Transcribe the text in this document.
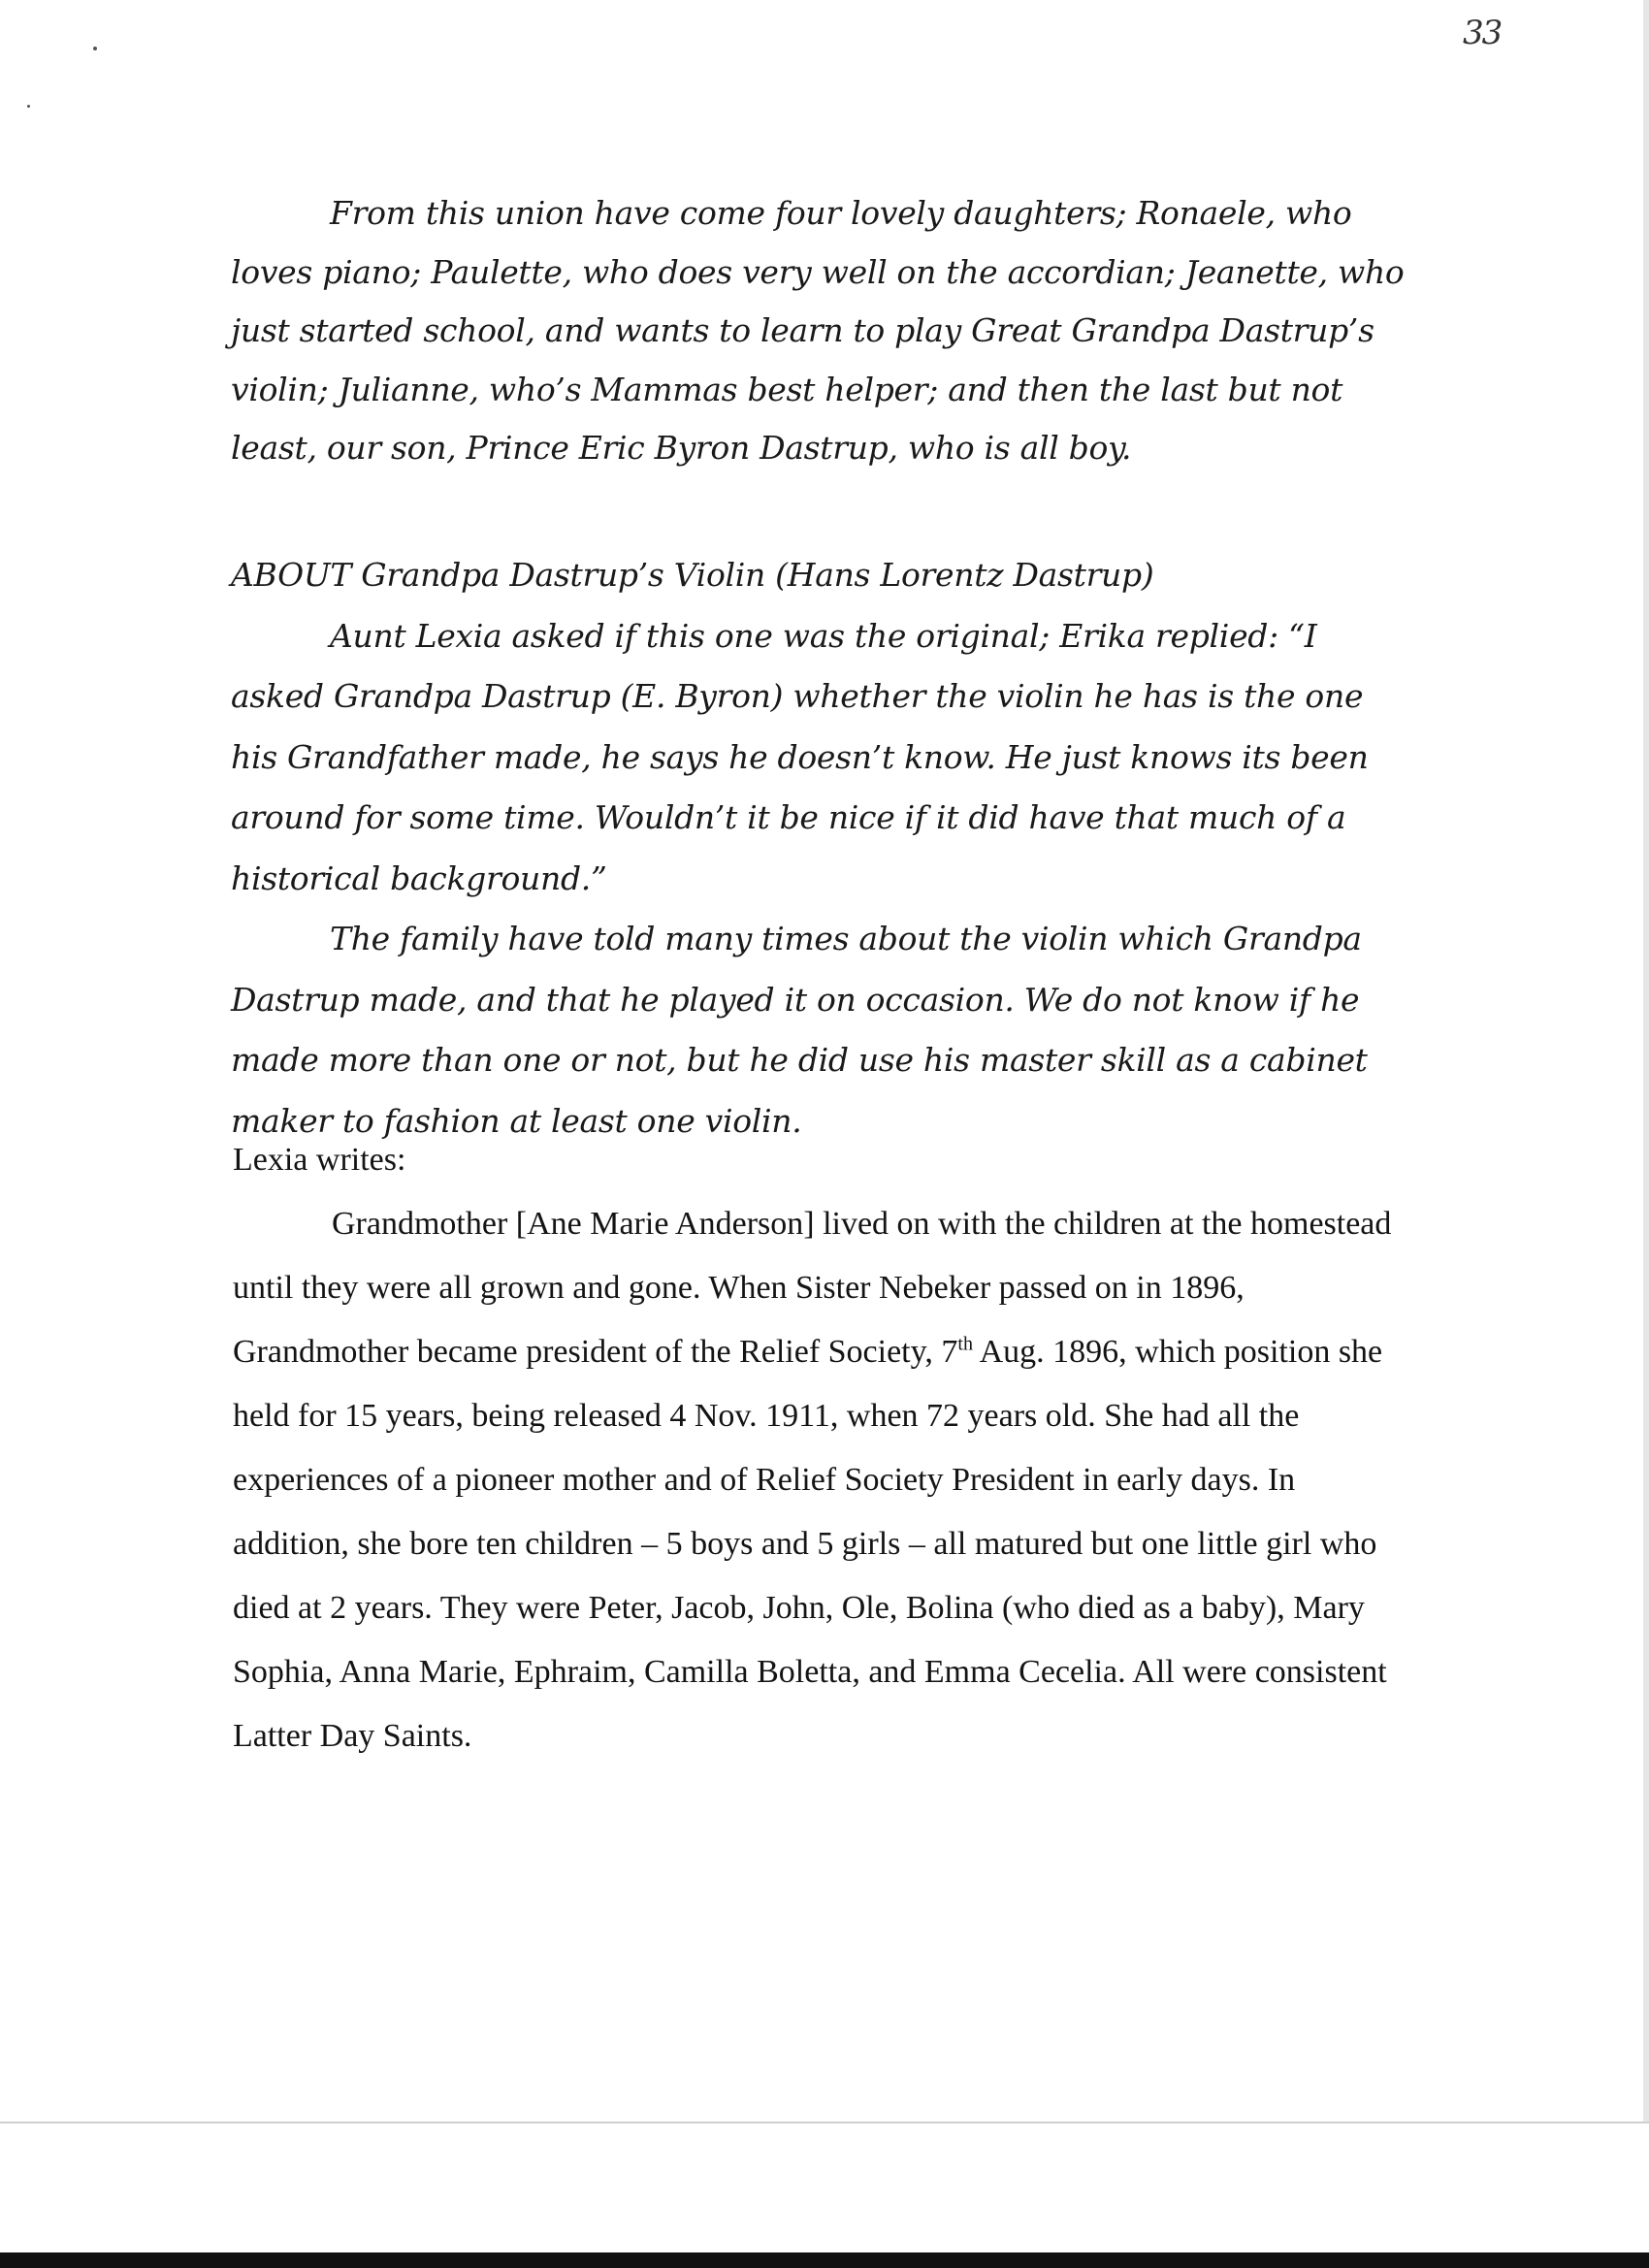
33

From this union have come four lovely daughters; Ronaele, who loves piano; Paulette, who does very well on the accordian; Jeanette, who just started school, and wants to learn to play Great Grandpa Dastrup’s violin; Julianne, who’s Mammas best helper; and then the last but not least, our son, Prince Eric Byron Dastrup, who is all boy.

ABOUT Grandpa Dastrup’s Violin (Hans Lorentz Dastrup)

Aunt Lexia asked if this one was the original; Erika replied: “I asked Grandpa Dastrup (E. Byron) whether the violin he has is the one his Grandfather made, he says he doesn’t know. He just knows its been around for some time. Wouldn’t it be nice if it did have that much of a historical background.”

The family have told many times about the violin which Grandpa Dastrup made, and that he played it on occasion. We do not know if he made more than one or not, but he did use his master skill as a cabinet maker to fashion at least one violin.

Lexia writes:

Grandmother [Ane Marie Anderson] lived on with the children at the homestead until they were all grown and gone. When Sister Nebeker passed on in 1896, Grandmother became president of the Relief Society, 7th Aug. 1896, which position she held for 15 years, being released 4 Nov. 1911, when 72 years old. She had all the experiences of a pioneer mother and of Relief Society President in early days. In addition, she bore ten children – 5 boys and 5 girls – all matured but one little girl who died at 2 years. They were Peter, Jacob, John, Ole, Bolina (who died as a baby), Mary Sophia, Anna Marie, Ephraim, Camilla Boletta, and Emma Cecelia. All were consistent Latter Day Saints.
